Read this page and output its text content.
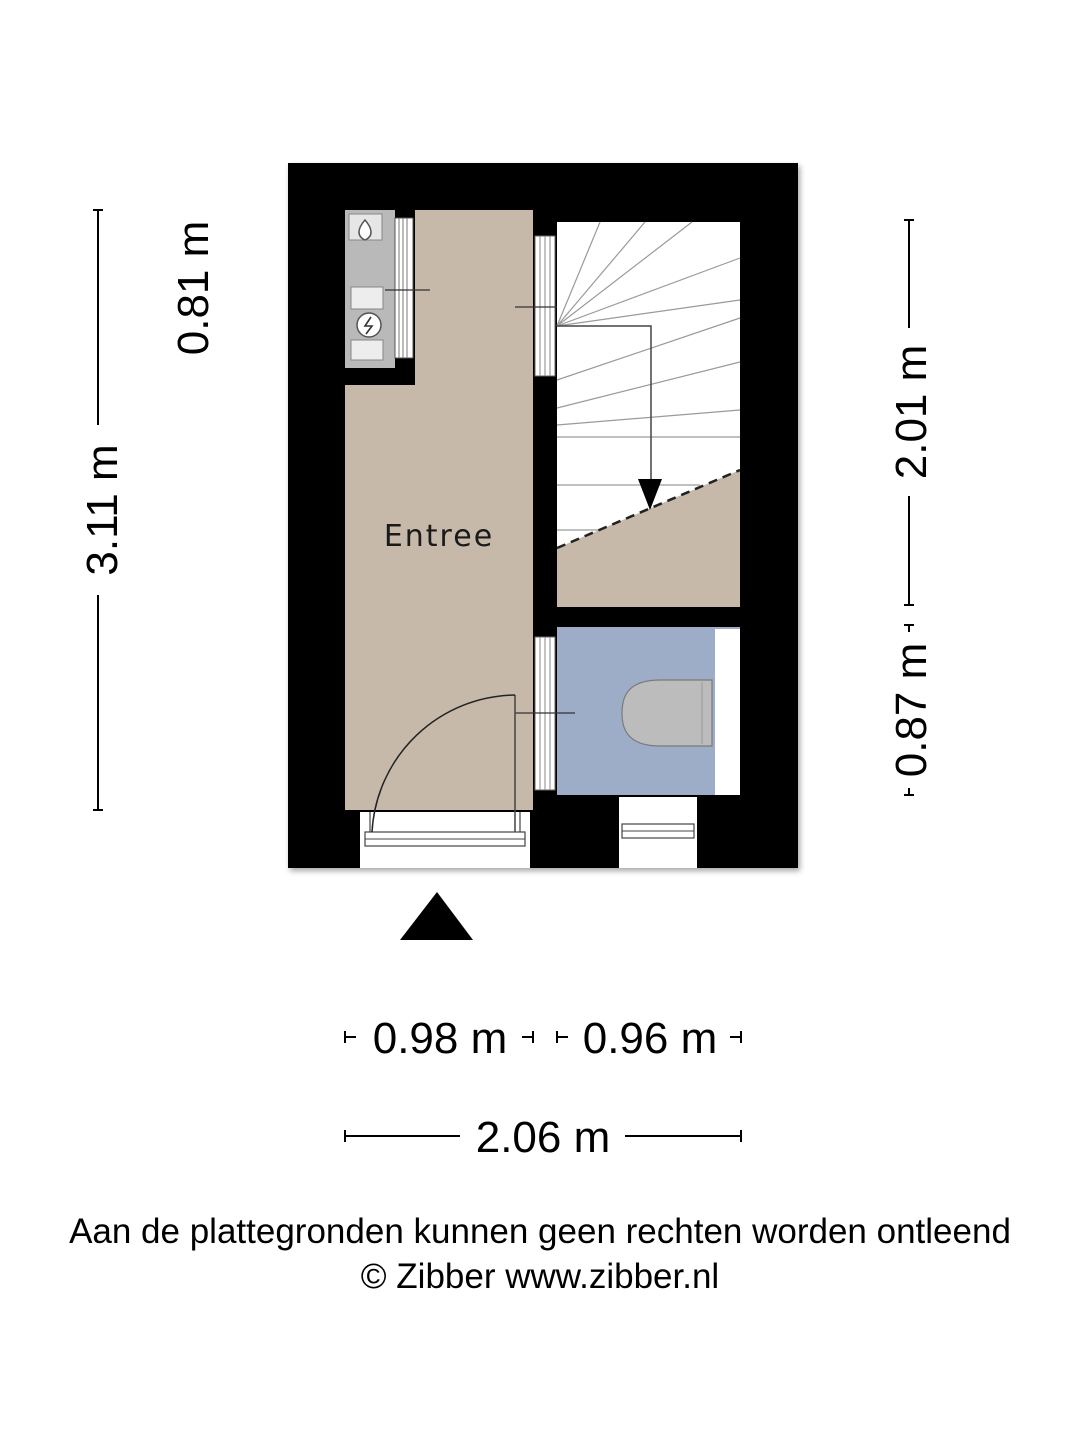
Entree
3.11 m
0.81 m
2.01 m
0.87 m
0.98 m 0.96 m
2.06 m
Aan de plattegronden kunnen geen rechten worden ontleend
© Zibber www.zibber.nl
